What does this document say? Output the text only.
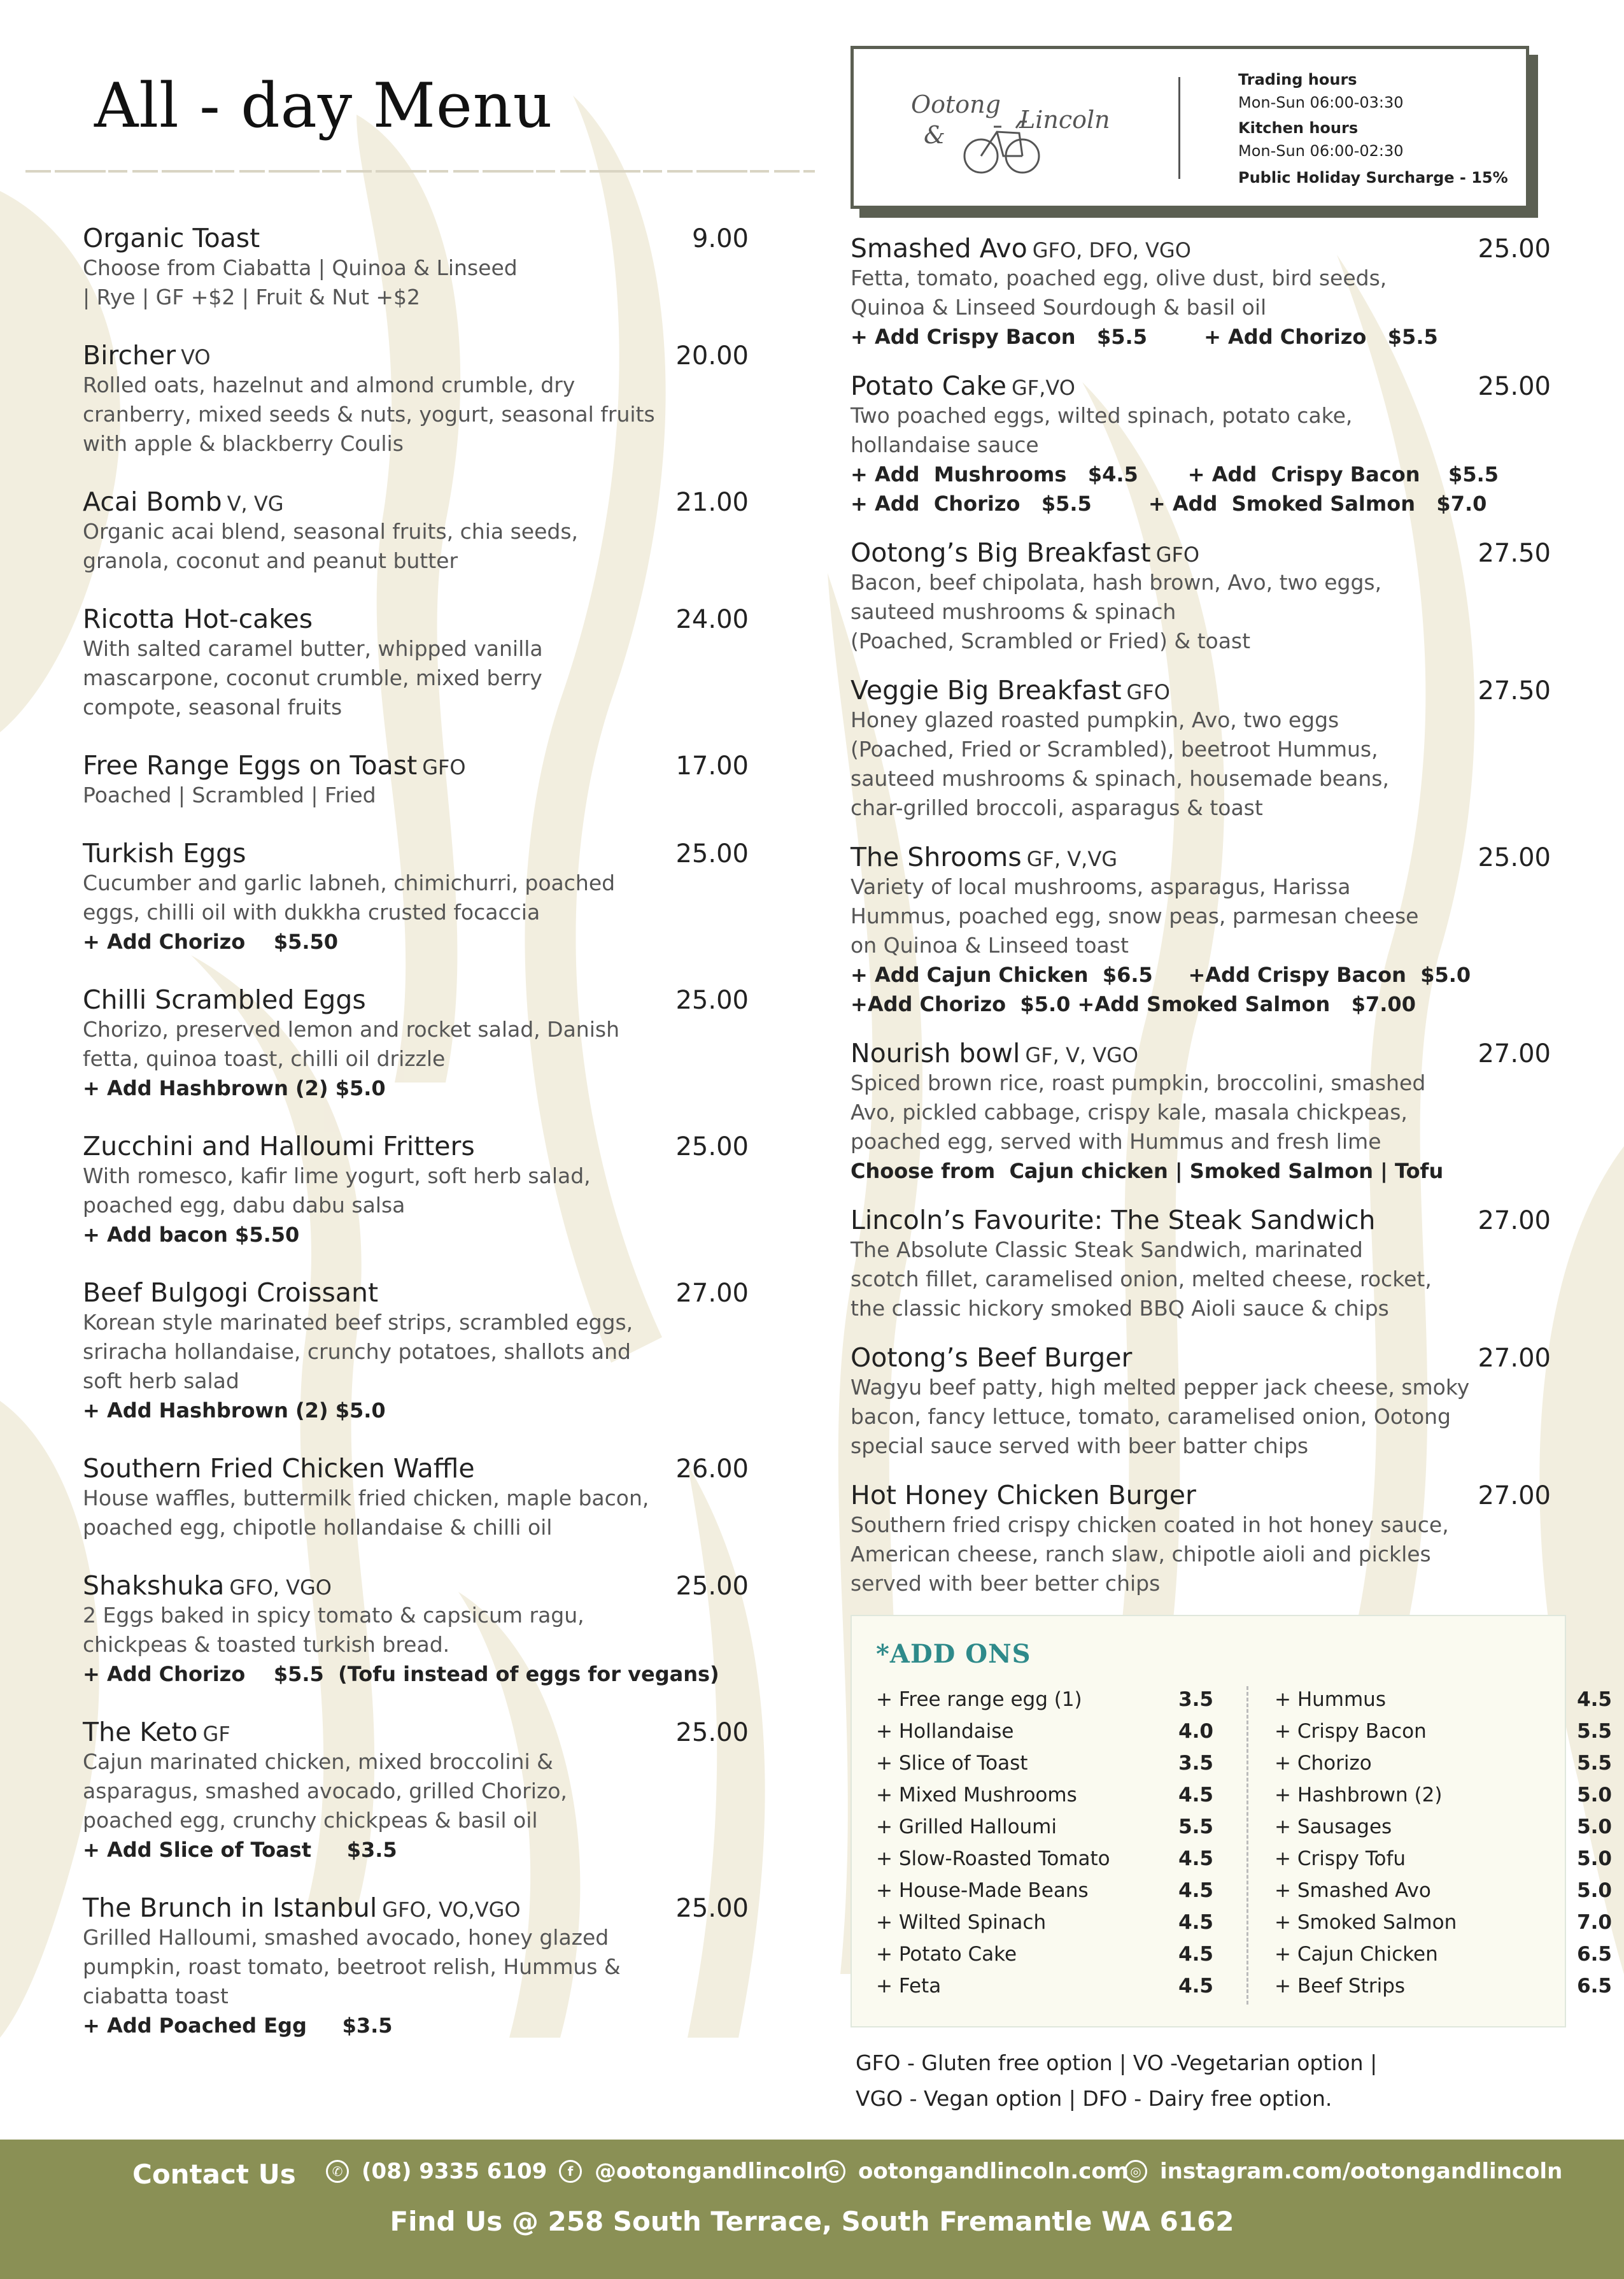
All - day Menu	Ootong
&
Lincoln
Trading hours
Mon-Sun 06:00-03:30
Kitchen hours
Mon-Sun 06:00-02:30
Public Holiday Surcharge - 15%
Organic Toast	9.00
Choose from Ciabatta | Quinoa & Linseed
| Rye | GF +$2 | Fruit & Nut +$2
Bircher VO	20.00
Rolled oats, hazelnut and almond crumble, dry
cranberry, mixed seeds & nuts, yogurt, seasonal fruits
with apple & blackberry Coulis
Acai Bomb V, VG	21.00
Organic acai blend, seasonal fruits, chia seeds,
granola, coconut and peanut butter
Ricotta Hot-cakes	24.00
With salted caramel butter, whipped vanilla
mascarpone, coconut crumble, mixed berry
compote, seasonal fruits
Free Range Eggs on Toast GFO	17.00
Poached | Scrambled | Fried
Turkish Eggs	25.00
Cucumber and garlic labneh, chimichurri, poached
eggs, chilli oil with dukkha crusted focaccia
+ Add Chorizo    $5.50
Chilli Scrambled Eggs	25.00
Chorizo, preserved lemon and rocket salad, Danish
fetta, quinoa toast, chilli oil drizzle
+ Add Hashbrown (2) $5.0
Zucchini and Halloumi Fritters	25.00
With romesco, kafir lime yogurt, soft herb salad,
poached egg, dabu dabu salsa
+ Add bacon $5.50
Beef Bulgogi Croissant	27.00
Korean style marinated beef strips, scrambled eggs,
sriracha hollandaise, crunchy potatoes, shallots and
soft herb salad
+ Add Hashbrown (2) $5.0
Southern Fried Chicken Waffle	26.00
House waffles, buttermilk fried chicken, maple bacon,
poached egg, chipotle hollandaise & chilli oil
Shakshuka GFO, VGO	25.00
2 Eggs baked in spicy tomato & capsicum ragu,
chickpeas & toasted turkish bread.
+ Add Chorizo    $5.5  (Tofu instead of eggs for vegans)
The Keto GF	25.00
Cajun marinated chicken, mixed broccolini &
asparagus, smashed avocado, grilled Chorizo,
poached egg, crunchy chickpeas & basil oil
+ Add Slice of Toast     $3.5
The Brunch in Istanbul GFO, VO,VGO	25.00
Grilled Halloumi, smashed avocado, honey glazed
pumpkin, roast tomato, beetroot relish, Hummus &
ciabatta toast
+ Add Poached Egg     $3.5
Smashed Avo GFO, DFO, VGO	25.00
Fetta, tomato, poached egg, olive dust, bird seeds,
Quinoa & Linseed Sourdough & basil oil
+ Add Crispy Bacon   $5.5        + Add Chorizo   $5.5
Potato Cake GF,VO	25.00
Two poached eggs, wilted spinach, potato cake,
hollandaise sauce
+ Add  Mushrooms   $4.5       + Add  Crispy Bacon    $5.5
+ Add  Chorizo   $5.5        + Add  Smoked Salmon   $7.0
Ootong’s Big Breakfast GFO	27.50
Bacon, beef chipolata, hash brown, Avo, two eggs,
sauteed mushrooms & spinach
(Poached, Scrambled or Fried) & toast
Veggie Big Breakfast GFO	27.50
Honey glazed roasted pumpkin, Avo, two eggs
(Poached, Fried or Scrambled), beetroot Hummus,
sauteed mushrooms & spinach, housemade beans,
char-grilled broccoli, asparagus & toast
The Shrooms GF, V,VG	25.00
Variety of local mushrooms, asparagus, Harissa
Hummus, poached egg, snow peas, parmesan cheese
on Quinoa & Linseed toast
+ Add Cajun Chicken  $6.5     +Add Crispy Bacon  $5.0
+Add Chorizo  $5.0 +Add Smoked Salmon   $7.00
Nourish bowl GF, V, VGO	27.00
Spiced brown rice, roast pumpkin, broccolini, smashed
Avo, pickled cabbage, crispy kale, masala chickpeas,
poached egg, served with Hummus and fresh lime
Choose from  Cajun chicken | Smoked Salmon | Tofu
Lincoln’s Favourite: The Steak Sandwich	27.00
The Absolute Classic Steak Sandwich, marinated
scotch fillet, caramelised onion, melted cheese, rocket,
the classic hickory smoked BBQ Aioli sauce & chips
Ootong’s Beef Burger	27.00
Wagyu beef patty, high melted pepper jack cheese, smoky
bacon, fancy lettuce, tomato, caramelised onion, Ootong
special sauce served with beer batter chips
Hot Honey Chicken Burger	27.00
Southern fried crispy chicken coated in hot honey sauce,
American cheese, ranch slaw, chipotle aioli and pickles
served with beer better chips
*ADD ONS
+ Free range egg (1)	3.5
+ Hollandaise	4.0
+ Slice of Toast	3.5
+ Mixed Mushrooms	4.5
+ Grilled Halloumi	5.5
+ Slow-Roasted Tomato	4.5
+ House-Made Beans	4.5
+ Wilted Spinach	4.5
+ Potato Cake	4.5
+ Feta	4.5
+ Hummus	4.5
+ Crispy Bacon	5.5
+ Chorizo	5.5
+ Hashbrown (2)	5.0
+ Sausages	5.0
+ Crispy Tofu	5.0
+ Smashed Avo	5.0
+ Smoked Salmon	7.0
+ Cajun Chicken	6.5
+ Beef Strips	6.5
GFO - Gluten free option | VO -Vegetarian option |
VGO - Vegan option | DFO - Dairy free option.
Contact Us	✆ (08) 9335 6109	f @ootongandlincoln G ootongandlincoln.com ◎ instagram.com/ootongandlincoln
Find Us @ 258 South Terrace, South Fremantle WA 6162
